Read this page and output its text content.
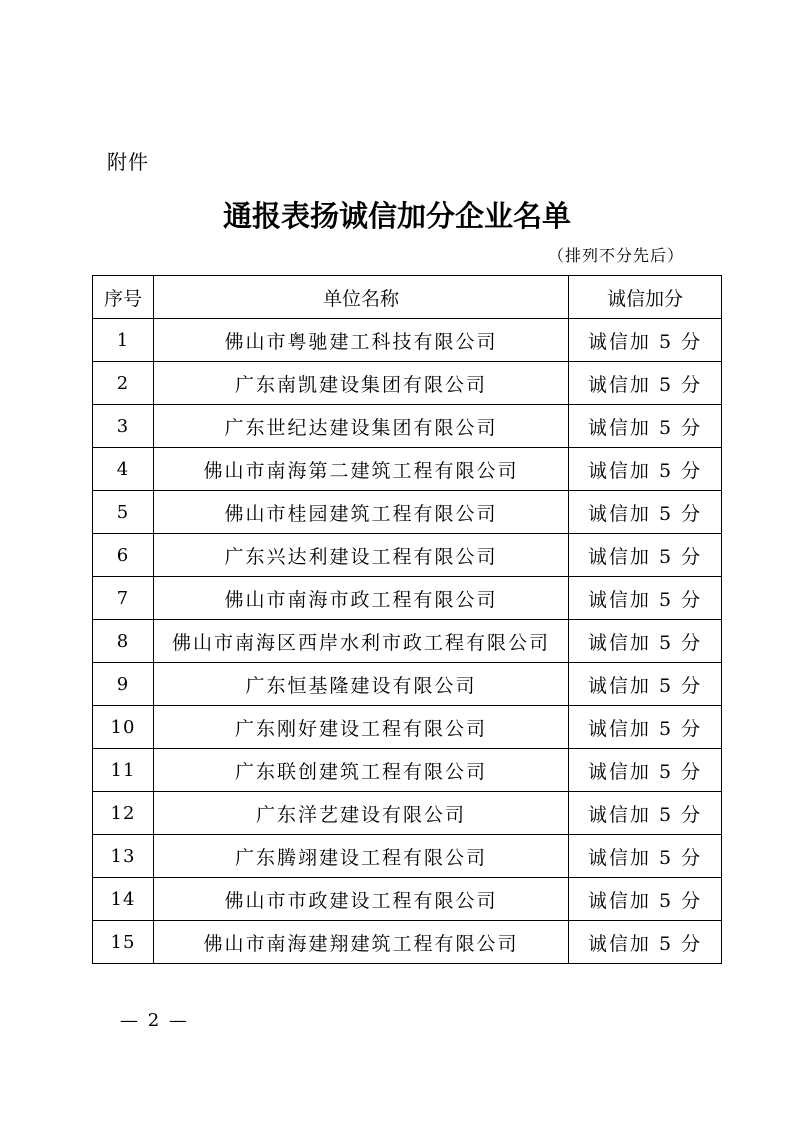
附件
通报表扬诚信加分企业名单
（排列不分先后）
序号	单位名称	诚信加分
1	佛山市粤驰建工科技有限公司	诚信加 5 分
2	广东南凯建设集团有限公司	诚信加 5 分
3	广东世纪达建设集团有限公司	诚信加 5 分
4	佛山市南海第二建筑工程有限公司	诚信加 5 分
5	佛山市桂园建筑工程有限公司	诚信加 5 分
6	广东兴达利建设工程有限公司	诚信加 5 分
7	佛山市南海市政工程有限公司	诚信加 5 分
8	佛山市南海区西岸水利市政工程有限公司	诚信加 5 分
9	广东恒基隆建设有限公司	诚信加 5 分
10	广东刚好建设工程有限公司	诚信加 5 分
11	广东联创建筑工程有限公司	诚信加 5 分
12	广东洋艺建设有限公司	诚信加 5 分
13	广东腾翊建设工程有限公司	诚信加 5 分
14	佛山市市政建设工程有限公司	诚信加 5 分
15	佛山市南海建翔建筑工程有限公司	诚信加 5 分
— 2 —
